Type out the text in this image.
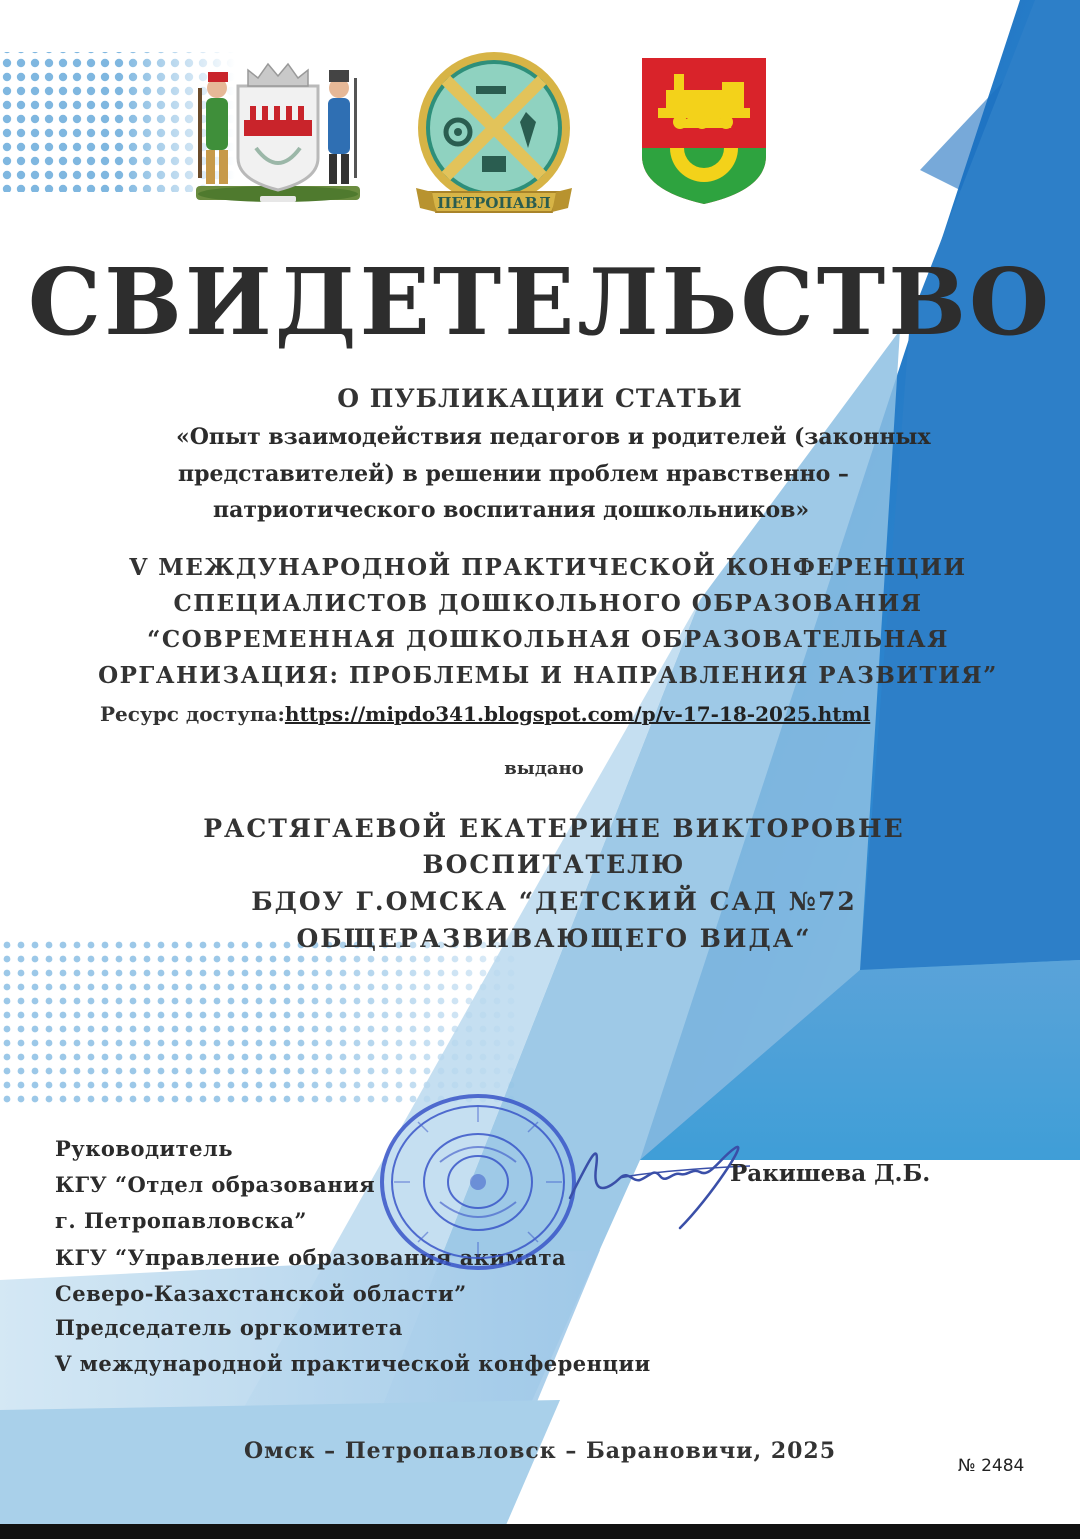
ПЕТРОПАВЛ
СВИДЕТЕЛЬСТВО
О ПУБЛИКАЦИИ СТАТЬИ
«Опыт взаимодействия педагогов и родителей (законных
представителей) в решении проблем нравственно –
патриотического воспитания дошкольников»
V МЕЖДУНАРОДНОЙ ПРАКТИЧЕСКОЙ КОНФЕРЕНЦИИ
СПЕЦИАЛИСТОВ ДОШКОЛЬНОГО ОБРАЗОВАНИЯ
“СОВРЕМЕННАЯ ДОШКОЛЬНАЯ ОБРАЗОВАТЕЛЬНАЯ
ОРГАНИЗАЦИЯ: ПРОБЛЕМЫ И НАПРАВЛЕНИЯ РАЗВИТИЯ”
Ресурс доступа:https://mipdo341.blogspot.com/p/v-17-18-2025.html
выдано
РАСТЯГАЕВОЙ ЕКАТЕРИНЕ ВИКТОРОВНЕ
ВОСПИТАТЕЛЮ
БДОУ Г.ОМСКА “ДЕТСКИЙ САД №72
ОБЩЕРАЗВИВАЮЩЕГО ВИДА“
Руководитель
КГУ “Отдел образования
г. Петропавловска”
КГУ “Управление образования акимата
Северо-Казахстанской области”
Председатель оргкомитета
V международной практической конференции
Ракишева Д.Б.
Омск – Петропавловск – Барановичи, 2025
№ 2484
